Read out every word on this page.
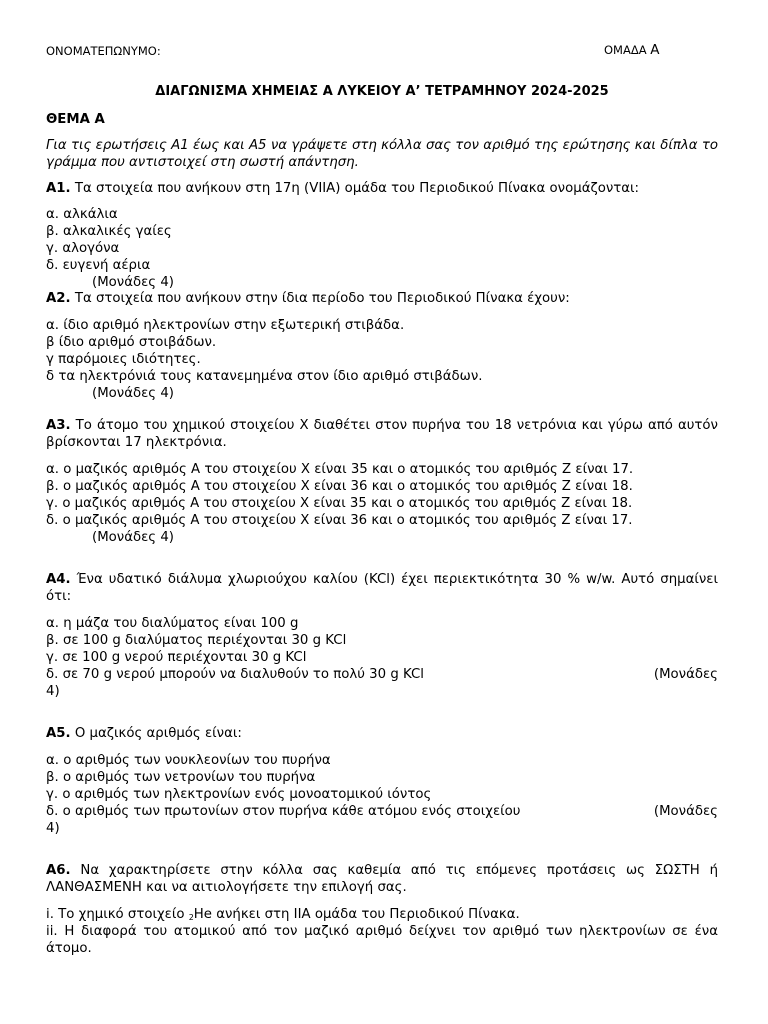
ΟΝΟΜΑΤΕΠΩΝΥΜΟ:	ΟΜΑΔΑ Α
ΔΙΑΓΩΝΙΣΜΑ ΧΗΜΕΙΑΣ Α ΛΥΚΕΙΟΥ Α’ ΤΕΤΡΑΜΗΝΟΥ 2024-2025
ΘΕΜΑ Α
Για τις ερωτήσεις Α1 έως και Α5 να γράψετε στη κόλλα σας τον αριθμό της ερώτησης και δίπλα το γράμμα που αντιστοιχεί στη σωστή απάντηση.
Α1. Τα στοιχεία που ανήκουν στη 17η (VIIA) ομάδα του Περιοδικού Πίνακα ονομάζονται:
α. αλκάλια
β. αλκαλικές γαίες
γ. αλογόνα
δ. ευγενή αέρια
(Μονάδες 4)
Α2. Τα στοιχεία που ανήκουν στην ίδια περίοδο του Περιοδικού Πίνακα έχουν:
α. ίδιο αριθμό ηλεκτρονίων στην εξωτερική στιβάδα.
β ίδιο αριθμό στοιβάδων.
γ παρόμοιες ιδιότητες.
δ τα ηλεκτρόνιά τους κατανεμημένα στον ίδιο αριθμό στιβάδων.
(Μονάδες 4)
Α3. Το άτομο του χημικού στοιχείου Χ διαθέτει στον πυρήνα του 18 νετρόνια και γύρω από αυτόν βρίσκονται 17 ηλεκτρόνια.
α. ο μαζικός αριθμός Α του στοιχείου Χ είναι 35 και ο ατομικός του αριθμός Ζ είναι 17.
β. ο μαζικός αριθμός Α του στοιχείου Χ είναι 36 και ο ατομικός του αριθμός Ζ είναι 18.
γ. ο μαζικός αριθμός Α του στοιχείου Χ είναι 35 και ο ατομικός του αριθμός Ζ είναι 18.
δ. ο μαζικός αριθμός Α του στοιχείου Χ είναι 36 και ο ατομικός του αριθμός Ζ είναι 17.
(Μονάδες 4)
Α4. Ένα υδατικό διάλυμα χλωριούχου καλίου (KCl) έχει περιεκτικότητα 30 % w/w. Αυτό σημαίνει ότι:
α. η μάζα του διαλύματος είναι 100 g
β. σε 100 g διαλύματος περιέχονται 30 g KCl
γ. σε 100 g νερού περιέχονται 30 g KCl
δ. σε 70 g νερού μπορούν να διαλυθούν το πολύ 30 g KCl	(Μονάδες
4)
Α5. Ο μαζικός αριθμός είναι:
α. ο αριθμός των νουκλεονίων του πυρήνα
β. ο αριθμός των νετρονίων του πυρήνα
γ. ο αριθμός των ηλεκτρονίων ενός μονοατομικού ιόντος
δ. ο αριθμός των πρωτονίων στον πυρήνα κάθε ατόμου ενός στοιχείου	(Μονάδες
4)
Α6. Να χαρακτηρίσετε στην κόλλα σας καθεμία από τις επόμενες προτάσεις ως ΣΩΣΤΗ ή ΛΑΝΘΑΣΜΕΝΗ και να αιτιολογήσετε την επιλογή σας.
i. Το χημικό στοιχείο $_2$He ανήκει στη ΙΙΑ ομάδα του Περιοδικού Πίνακα.
ii. Η διαφορά του ατομικού από τον μαζικό αριθμό δείχνει τον αριθμό των ηλεκτρονίων σε ένα άτομο.
